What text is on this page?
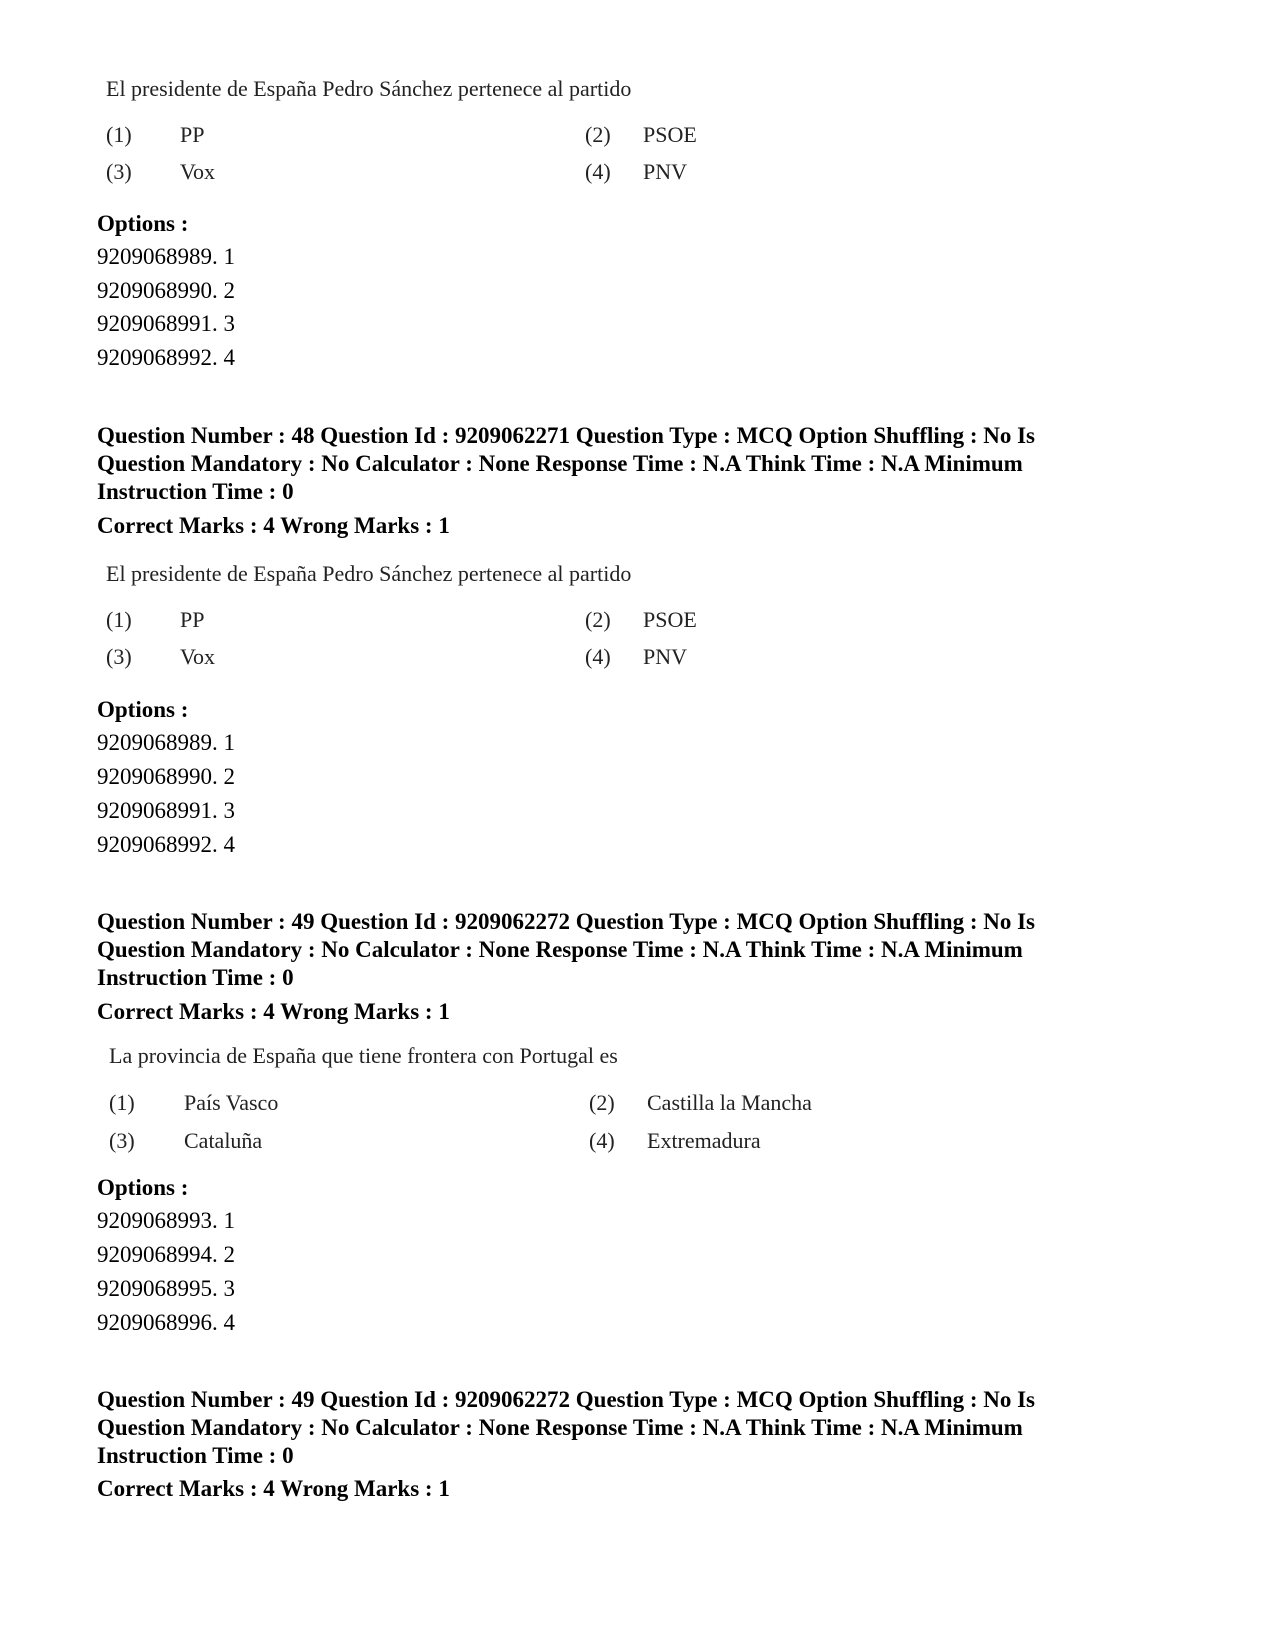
El presidente de España Pedro Sánchez pertenece al partido
(1) PP	(2) PSOE
(3) Vox	(4) PNV
Options :
9209068989. 1
9209068990. 2
9209068991. 3
9209068992. 4
Question Number : 48 Question Id : 9209062271 Question Type : MCQ Option Shuffling : No Is
Question Mandatory : No Calculator : None Response Time : N.A Think Time : N.A Minimum
Instruction Time : 0
Correct Marks : 4 Wrong Marks : 1
El presidente de España Pedro Sánchez pertenece al partido
(1) PP	(2) PSOE
(3) Vox	(4) PNV
Options :
9209068989. 1
9209068990. 2
9209068991. 3
9209068992. 4
Question Number : 49 Question Id : 9209062272 Question Type : MCQ Option Shuffling : No Is
Question Mandatory : No Calculator : None Response Time : N.A Think Time : N.A Minimum
Instruction Time : 0
Correct Marks : 4 Wrong Marks : 1
La provincia de España que tiene frontera con Portugal es
(1) País Vasco	(2) Castilla la Mancha
(3) Cataluña	(4) Extremadura
Options :
9209068993. 1
9209068994. 2
9209068995. 3
9209068996. 4
Question Number : 49 Question Id : 9209062272 Question Type : MCQ Option Shuffling : No Is
Question Mandatory : No Calculator : None Response Time : N.A Think Time : N.A Minimum
Instruction Time : 0
Correct Marks : 4 Wrong Marks : 1
